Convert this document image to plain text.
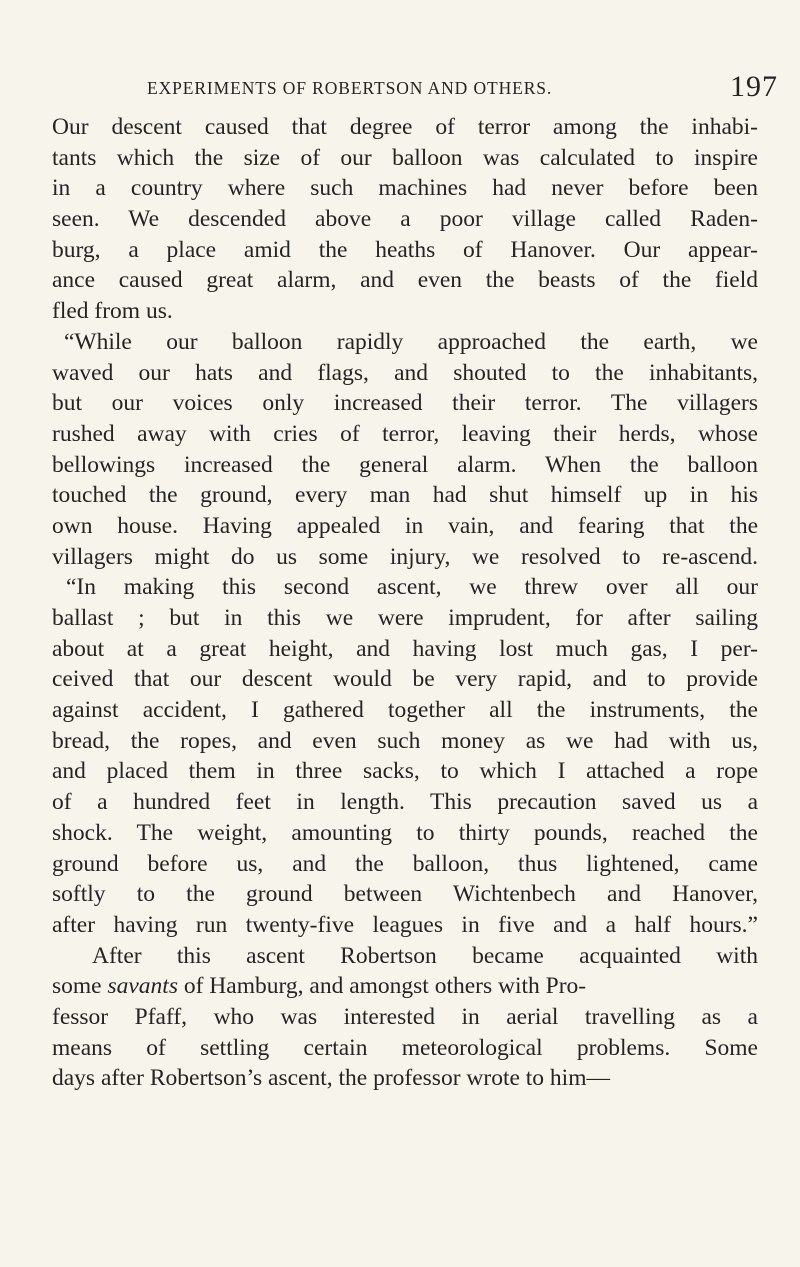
EXPERIMENTS OF ROBERTSON AND OTHERS.	197
Our descent caused that degree of terror among the inhabi-
tants which the size of our balloon was calculated to inspire
in a country where such machines had never before been
seen. We descended above a poor village called Raden-
burg, a place amid the heaths of Hanover. Our appear-
ance caused great alarm, and even the beasts of the field
fled from us.
“While our balloon rapidly approached the earth, we
waved our hats and flags, and shouted to the inhabitants,
but our voices only increased their terror. The villagers
rushed away with cries of terror, leaving their herds, whose
bellowings increased the general alarm. When the balloon
touched the ground, every man had shut himself up in his
own house. Having appealed in vain, and fearing that the
villagers might do us some injury, we resolved to re-ascend.
“In making this second ascent, we threw over all our
ballast ; but in this we were imprudent, for after sailing
about at a great height, and having lost much gas, I per-
ceived that our descent would be very rapid, and to provide
against accident, I gathered together all the instruments, the
bread, the ropes, and even such money as we had with us,
and placed them in three sacks, to which I attached a rope
of a hundred feet in length. This precaution saved us a
shock. The weight, amounting to thirty pounds, reached the
ground before us, and the balloon, thus lightened, came
softly to the ground between Wichtenbech and Hanover,
after having run twenty-five leagues in five and a half hours.”
After this ascent Robertson became acquainted with
some savants of Hamburg, and amongst others with Pro-
fessor Pfaff, who was interested in aerial travelling as a
means of settling certain meteorological problems. Some
days after Robertson’s ascent, the professor wrote to him—
